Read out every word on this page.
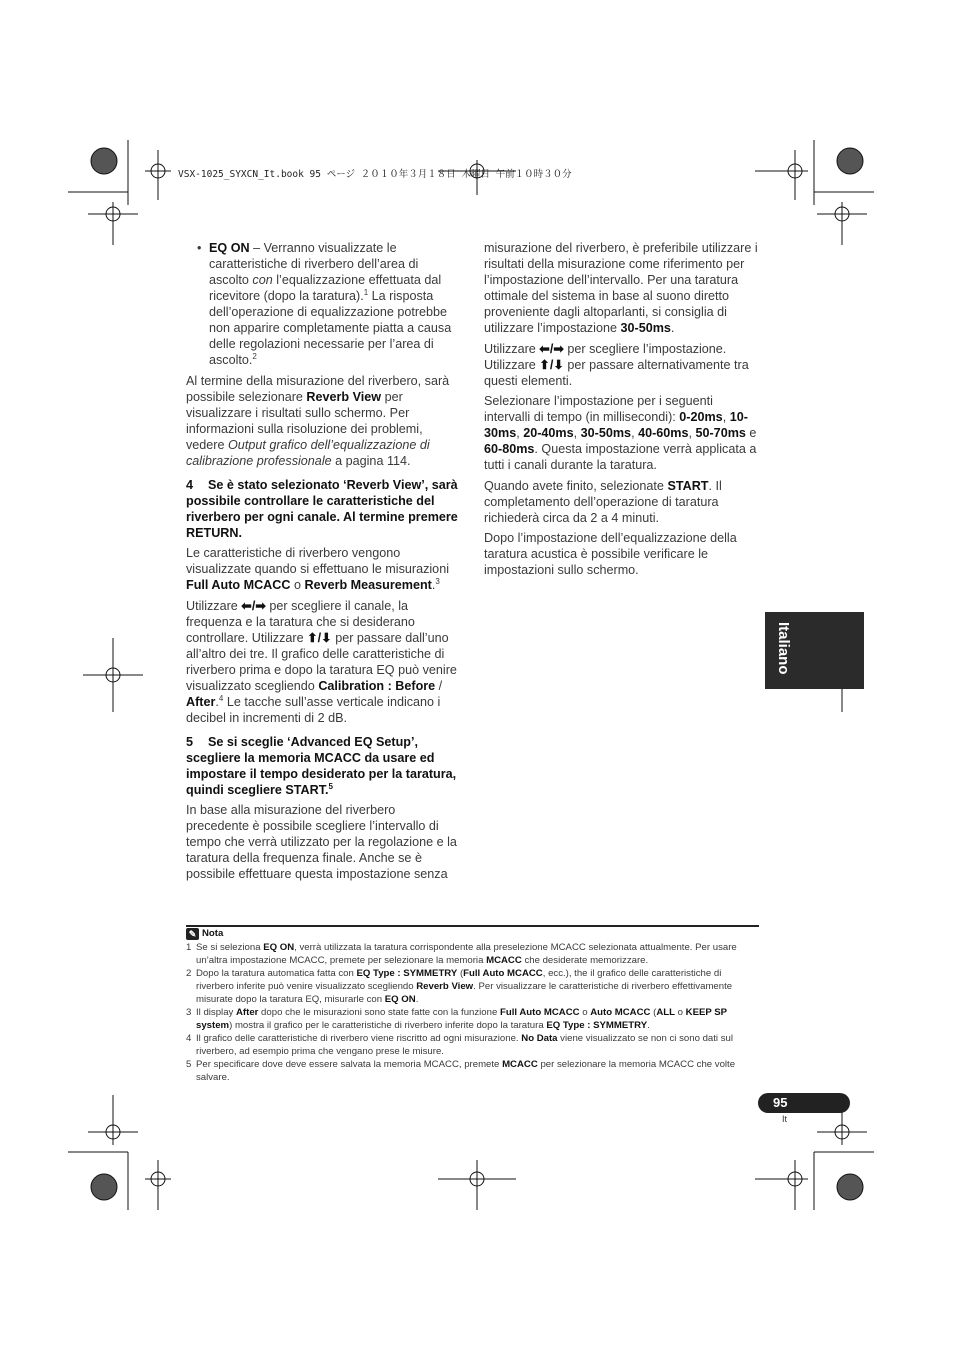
VSX-1025_SYXCN_It.book 95 ページ ２０１０年３月１８日 木曜日 午前１０時３０分

• EQ ON – Verranno visualizzate le caratteristiche di riverbero dell’area di ascolto con l’equalizzazione effettuata dal ricevitore (dopo la taratura).$^1$ La risposta dell’operazione di equalizzazione potrebbe non apparire completamente piatta a causa delle regolazioni necessarie per l’area di ascolto.$^2$

Al termine della misurazione del riverbero, sarà possibile selezionare Reverb View per visualizzare i risultati sullo schermo. Per informazioni sulla risoluzione dei problemi, vedere Output grafico dell’equalizzazione di calibrazione professionale a pagina 114.

4 Se è stato selezionato ‘Reverb View’, sarà possibile controllare le caratteristiche del riverbero per ogni canale. Al termine premere RETURN.

Le caratteristiche di riverbero vengono visualizzate quando si effettuano le misurazioni Full Auto MCACC o Reverb Measurement.$^3$

Utilizzare ⬅/➡ per scegliere il canale, la frequenza e la taratura che si desiderano controllare. Utilizzare ⬆/⬇ per passare dall’uno all’altro dei tre. Il grafico delle caratteristiche di riverbero prima e dopo la taratura EQ può venire visualizzato scegliendo Calibration : Before / After.$^4$ Le tacche sull’asse verticale indicano i decibel in incrementi di 2 dB.

5 Se si sceglie ‘Advanced EQ Setup’, scegliere la memoria MCACC da usare ed impostare il tempo desiderato per la taratura, quindi scegliere START.$^5$

In base alla misurazione del riverbero precedente è possibile scegliere l’intervallo di tempo che verrà utilizzato per la regolazione e la taratura della frequenza finale. Anche se è possibile effettuare questa impostazione senza

misurazione del riverbero, è preferibile utilizzare i risultati della misurazione come riferimento per l’impostazione dell’intervallo. Per una taratura ottimale del sistema in base al suono diretto proveniente dagli altoparlanti, si consiglia di utilizzare l’impostazione 30-50ms.

Utilizzare ⬅/➡ per scegliere l’impostazione. Utilizzare ⬆/⬇ per passare alternativamente tra questi elementi.

Selezionare l’impostazione per i seguenti intervalli di tempo (in millisecondi): 0-20ms, 10-30ms, 20-40ms, 30-50ms, 40-60ms, 50-70ms e 60-80ms. Questa impostazione verrà applicata a tutti i canali durante la taratura.

Quando avete finito, selezionate START. Il completamento dell’operazione di taratura richiederà circa da 2 a 4 minuti.

Dopo l’impostazione dell’equalizzazione della taratura acustica è possibile verificare le impostazioni sullo schermo.

Italiano
✎ Nota
1 Se si seleziona EQ ON, verrà utilizzata la taratura corrispondente alla preselezione MCACC selezionata attualmente. Per usare un’altra impostazione MCACC, premete per selezionare la memoria MCACC che desiderate memorizzare.
2 Dopo la taratura automatica fatta con EQ Type : SYMMETRY (Full Auto MCACC, ecc.), the il grafico delle caratteristiche di riverbero inferite può venire visualizzato scegliendo Reverb View. Per visualizzare le caratteristiche di riverbero effettivamente misurate dopo la taratura EQ, misurarle con EQ ON.
3 Il display After dopo che le misurazioni sono state fatte con la funzione Full Auto MCACC o Auto MCACC (ALL o KEEP SP system) mostra il grafico per le caratteristiche di riverbero inferite dopo la taratura EQ Type : SYMMETRY.
4 Il grafico delle caratteristiche di riverbero viene riscritto ad ogni misurazione. No Data viene visualizzato se non ci sono dati sul riverbero, ad esempio prima che vengano prese le misure.
5 Per specificare dove deve essere salvata la memoria MCACC, premete MCACC per selezionare la memoria MCACC che volte salvare.
95
It
